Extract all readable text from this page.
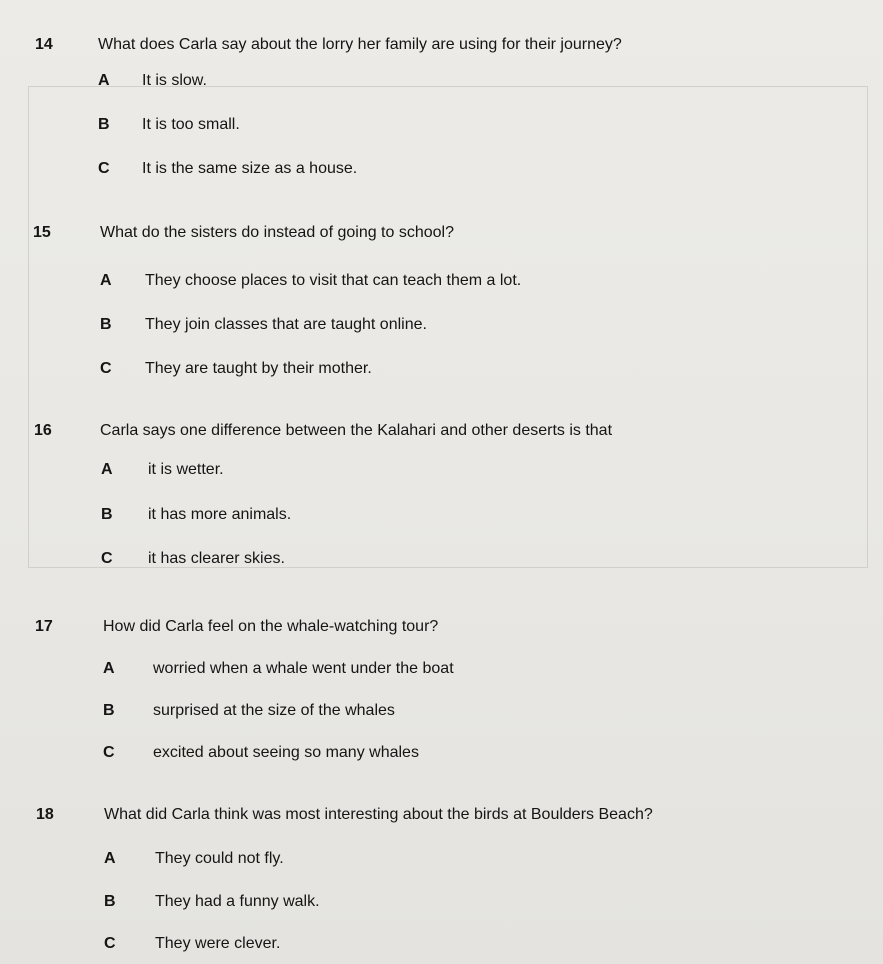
14	What does Carla say about the lorry her family are using for their journey?
A It is slow.
B It is too small.
C It is the same size as a house.
15	What do the sisters do instead of going to school?
A They choose places to visit that can teach them a lot.
B They join classes that are taught online.
C They are taught by their mother.
16	Carla says one difference between the Kalahari and other deserts is that
A it is wetter.
B it has more animals.
C it has clearer skies.
17	How did Carla feel on the whale-watching tour?
A worried when a whale went under the boat
B surprised at the size of the whales
C excited about seeing so many whales
18	What did Carla think was most interesting about the birds at Boulders Beach?
A They could not fly.
B They had a funny walk.
C They were clever.
